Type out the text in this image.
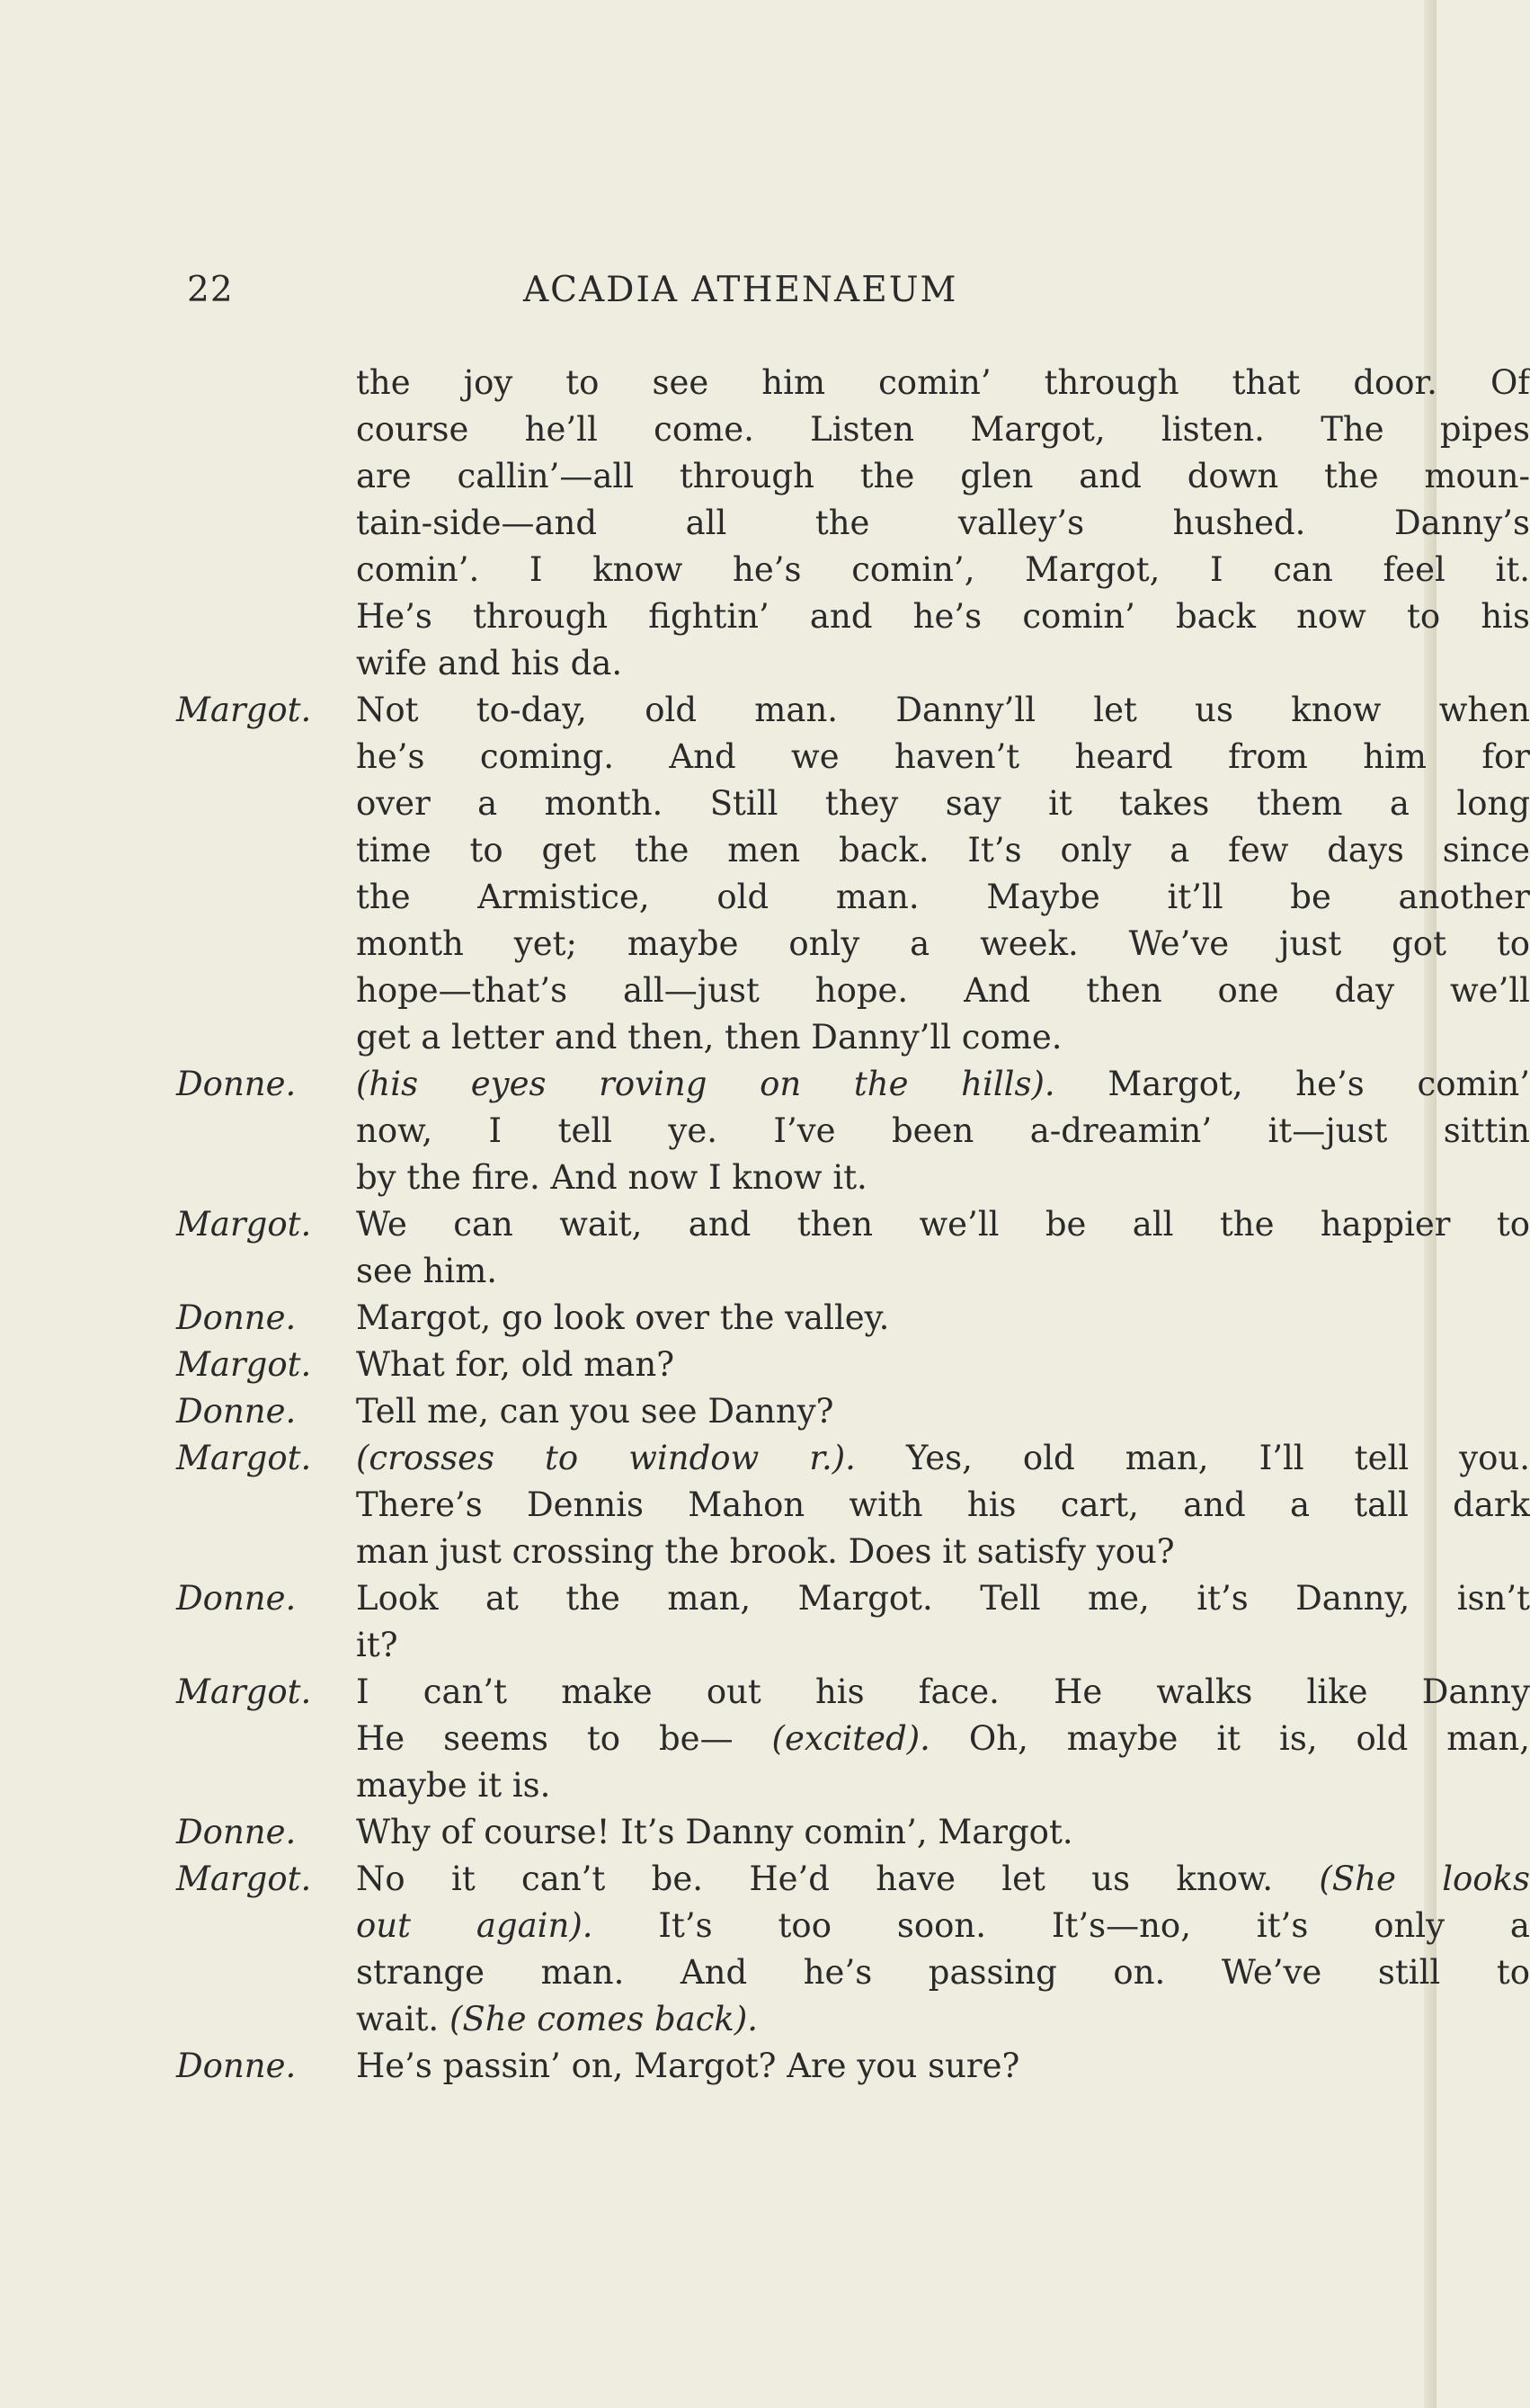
22	ACADIA ATHENAEUM
the joy to see him comin’ through that door. Of
course he’ll come. Listen Margot, listen. The pipes
are callin’—all through the glen and down the moun-
tain-side—and all the valley’s hushed. Danny’s
comin’. I know he’s comin’, Margot, I can feel it.
He’s through fightin’ and he’s comin’ back now to his
wife and his da.
Margot.	Not to-day, old man. Danny’ll let us know when
he’s coming. And we haven’t heard from him for
over a month. Still they say it takes them a long
time to get the men back. It’s only a few days since
the Armistice, old man. Maybe it’ll be another
month yet; maybe only a week. We’ve just got to
hope—that’s all—just hope. And then one day we’ll
get a letter and then, then Danny’ll come.
Donne.	(his eyes roving on the hills). Margot, he’s comin’
now, I tell ye. I’ve been a-dreamin’ it—just sittin
by the fire. And now I know it.
Margot.	We can wait, and then we’ll be all the happier to
see him.
Donne.	Margot, go look over the valley.
Margot.	What for, old man?
Donne.	Tell me, can you see Danny?
Margot.	(crosses to window r.). Yes, old man, I’ll tell you.
There’s Dennis Mahon with his cart, and a tall dark
man just crossing the brook. Does it satisfy you?
Donne.	Look at the man, Margot. Tell me, it’s Danny, isn’t
it?
Margot.	I can’t make out his face. He walks like Danny
He seems to be— (excited). Oh, maybe it is, old man,
maybe it is.
Donne.	Why of course! It’s Danny comin’, Margot.
Margot.	No it can’t be. He’d have let us know. (She looks
out again). It’s too soon. It’s—no, it’s only a
strange man. And he’s passing on. We’ve still to
wait. (She comes back).
Donne.	He’s passin’ on, Margot? Are you sure?
